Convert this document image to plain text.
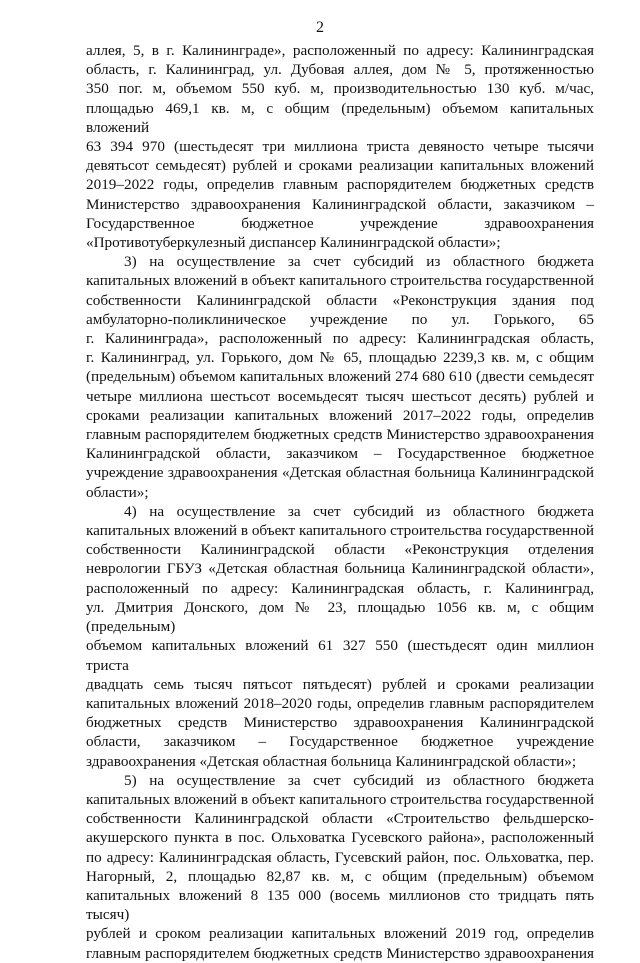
2

аллея, 5, в г. Калининграде», расположенный по адресу: Калининградская

область, г. Калининград, ул. Дубовая аллея, дом № 5, протяженностью

350 пог. м, объемом 550 куб. м, производительностью 130 куб. м/час,

площадью 469,1 кв. м, с общим (предельным) объемом капитальных вложений

63 394 970 (шестьдесят три миллиона триста девяносто четыре тысячи

девятьсот семьдесят) рублей и сроками реализации капитальных вложений

2019–2022 годы, определив главным распорядителем бюджетных средств

Министерство здравоохранения Калининградской области, заказчиком –

Государственное бюджетное учреждение здравоохранения

«Противотуберкулезный диспансер Калининградской области»;

3) на осуществление за счет субсидий из областного бюджета

капитальных вложений в объект капитального строительства государственной

собственности Калининградской области «Реконструкция здания под

амбулаторно-поликлиническое учреждение по ул. Горького, 65

г. Калининграда», расположенный по адресу: Калининградская область,

г. Калининград, ул. Горького, дом № 65, площадью 2239,3 кв. м, с общим

(предельным) объемом капитальных вложений 274 680 610 (двести семьдесят

четыре миллиона шестьсот восемьдесят тысяч шестьсот десять) рублей и

сроками реализации капитальных вложений 2017–2022 годы, определив

главным распорядителем бюджетных средств Министерство здравоохранения

Калининградской области, заказчиком – Государственное бюджетное

учреждение здравоохранения «Детская областная больница Калининградской

области»;

4) на осуществление за счет субсидий из областного бюджета

капитальных вложений в объект капитального строительства государственной

собственности Калининградской области «Реконструкция отделения

неврологии ГБУЗ «Детская областная больница Калининградской области»,

расположенный по адресу: Калининградская область, г. Калининград,

ул. Дмитрия Донского, дом № 23, площадью 1056 кв. м, с общим (предельным)

объемом капитальных вложений 61 327 550 (шестьдесят один миллион триста

двадцать семь тысяч пятьсот пятьдесят) рублей и сроками реализации

капитальных вложений 2018–2020 годы, определив главным распорядителем

бюджетных средств Министерство здравоохранения Калининградской

области, заказчиком – Государственное бюджетное учреждение

здравоохранения «Детская областная больница Калининградской области»;

5) на осуществление за счет субсидий из областного бюджета

капитальных вложений в объект капитального строительства государственной

собственности Калининградской области «Строительство фельдшерско-

акушерского пункта в пос. Ольховатка Гусевского района», расположенный

по адресу: Калининградская область, Гусевский район, пос. Ольховатка, пер.

Нагорный, 2, площадью 82,87 кв. м, с общим (предельным) объемом

капитальных вложений 8 135 000 (восемь миллионов сто тридцать пять тысяч)

рублей и сроком реализации капитальных вложений 2019 год, определив

главным распорядителем бюджетных средств Министерство здравоохранения
